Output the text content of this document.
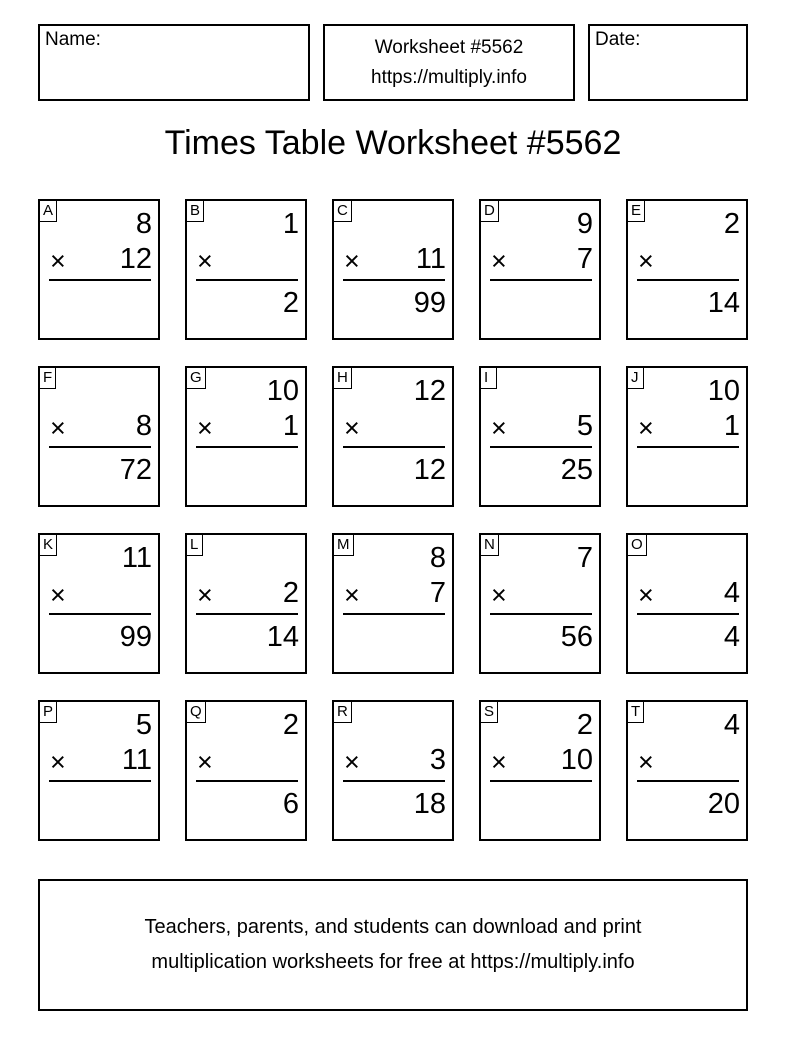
Name:	Worksheet #5562
https://multiply.info
Date:
Times Table Worksheet #5562
A	8
× 12
B	1
×
2
C
× 11
99
D	9
× 7
E	2
×
14
F
× 8
72
G 10
× 1
H 12
×
12
I
× 5
25
J 10
× 1
K 11
×
99
L
× 2
14
M	8
× 7
N	7
×
56
O
× 4
4
P	5
× 11
Q	2
×
6
R
× 3
18
S	2
× 10
T	4
×
20
Teachers, parents, and students can download and print
multiplication worksheets for free at https://multiply.info
